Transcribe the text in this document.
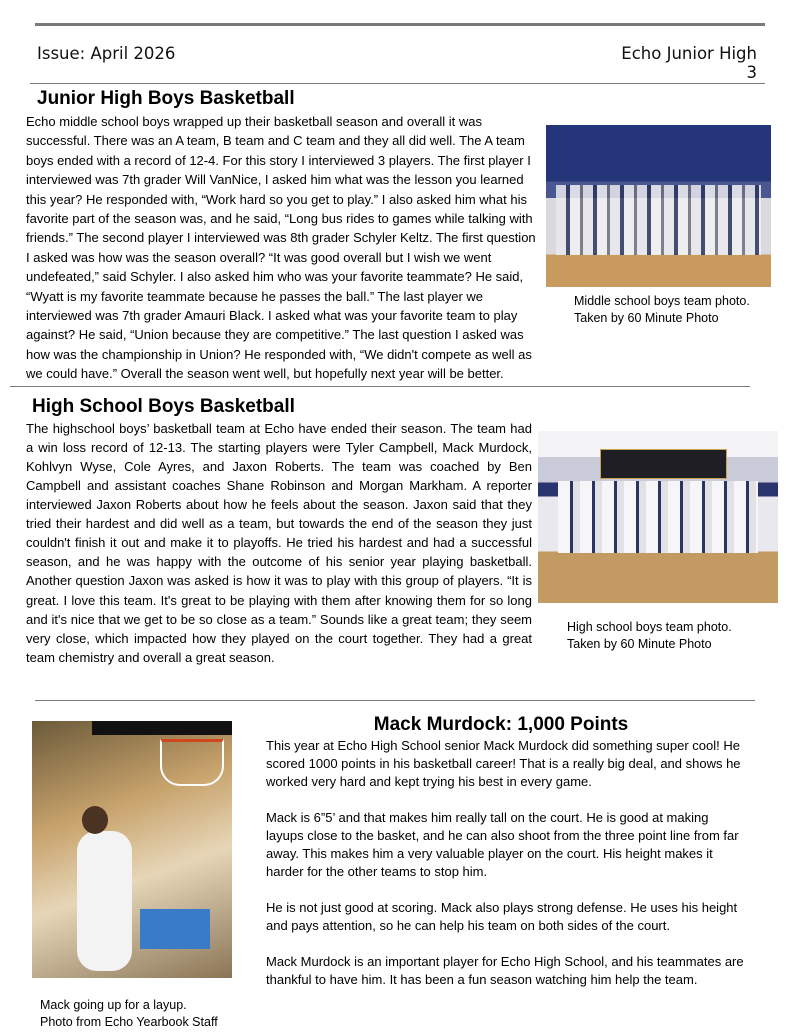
Issue: April 2026	Echo Junior High
3
Junior High Boys Basketball
Echo middle school boys wrapped up their basketball season and overall it was successful. There was an A team, B team and C team and they all did well. The A team boys ended with a record of 12-4. For this story I interviewed 3 players. The first player I interviewed was 7th grader Will VanNice, I asked him what was the lesson you learned this year? He responded with, “Work hard so you get to play.” I also asked him what his favorite part of the season was, and he said, “Long bus rides to games while talking with friends.” The second player I interviewed was 8th grader Schyler Keltz. The first question I asked was how was the season overall? “It was good overall but I wish we went undefeated,” said Schyler. I also asked him who was your favorite teammate? He said, “Wyatt is my favorite teammate because he passes the ball.” The last player we interviewed was 7th grader Amauri Black. I asked what was your favorite team to play against? He said, “Union because they are competitive.” The last question I asked was how was the championship in Union? He responded with, “We didn't compete as well as we could have.” Overall the season went well, but hopefully next year will be better.
Middle school boys team photo.
Taken by 60 Minute Photo
High School Boys Basketball
The highschool boys’ basketball team at Echo have ended their season. The team had a win loss record of 12-13. The starting players were Tyler Campbell, Mack Murdock, Kohlvyn Wyse, Cole Ayres, and Jaxon Roberts. The team was coached by Ben Campbell and assistant coaches Shane Robinson and Morgan Markham. A reporter interviewed Jaxon Roberts about how he feels about the season. Jaxon said that they tried their hardest and did well as a team, but towards the end of the season they just couldn't finish it out and make it to playoffs. He tried his hardest and had a successful season, and he was happy with the outcome of his senior year playing basketball. Another question Jaxon was asked is how it was to play with this group of players. “It is great. I love this team. It's great to be playing with them after knowing them for so long and it's nice that we get to be so close as a team.” Sounds like a great team; they seem very close, which impacted how they played on the court together. They had a great team chemistry and overall a great season.
High school boys team photo.
Taken by 60 Minute Photo
Mack going up for a layup.
Photo from Echo Yearbook Staff
Mack Murdock: 1,000 Points

This year at Echo High School senior Mack Murdock did something super cool! He scored 1000 points in his basketball career! That is a really big deal, and shows he worked very hard and kept trying his best in every game.

Mack is 6”5’ and that makes him really tall on the court. He is good at making layups close to the basket, and he can also shoot from the three point line from far away. This makes him a very valuable player on the court. His height makes it harder for the other teams to stop him.

He is not just good at scoring. Mack also plays strong defense. He uses his height and pays attention, so he can help his team on both sides of the court.

Mack Murdock is an important player for Echo High School, and his teammates are thankful to have him. It has been a fun season watching him help the team.
